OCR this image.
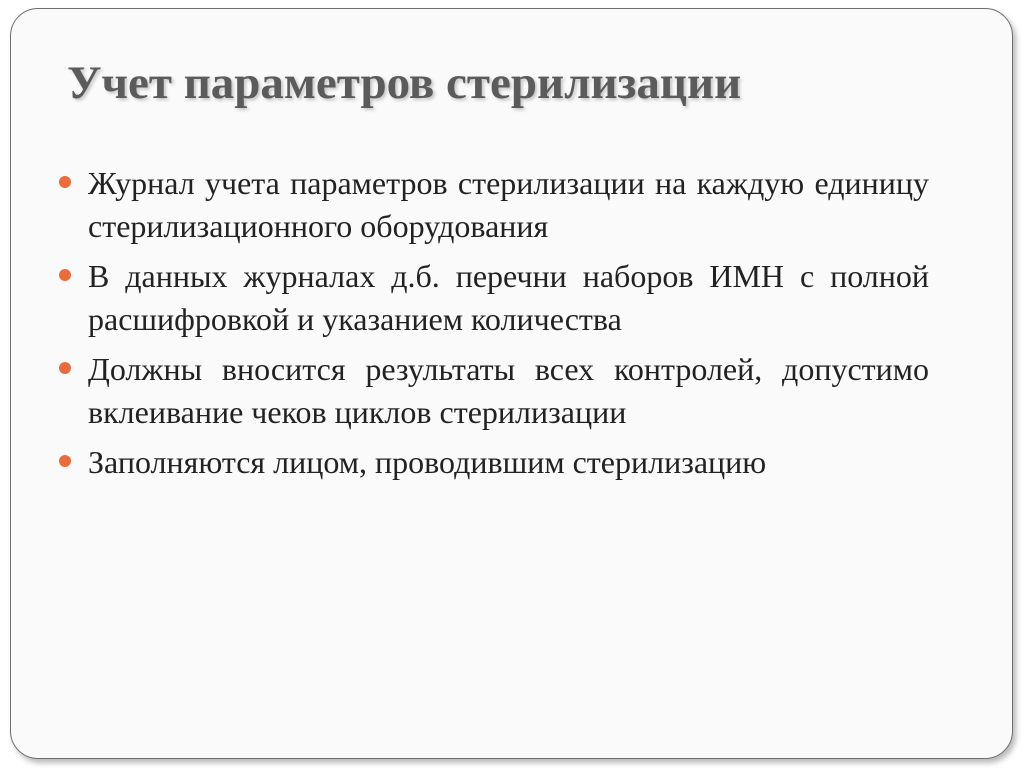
Учет параметров стерилизации
Журнал учета параметров стерилизации на каждую единицу стерилизационного оборудования
В данных журналах д.б. перечни наборов ИМН с полной расшифровкой и указанием количества
Должны вносится результаты всех контролей, допустимо вклеивание чеков циклов стерилизации
Заполняются лицом, проводившим стерилизацию
